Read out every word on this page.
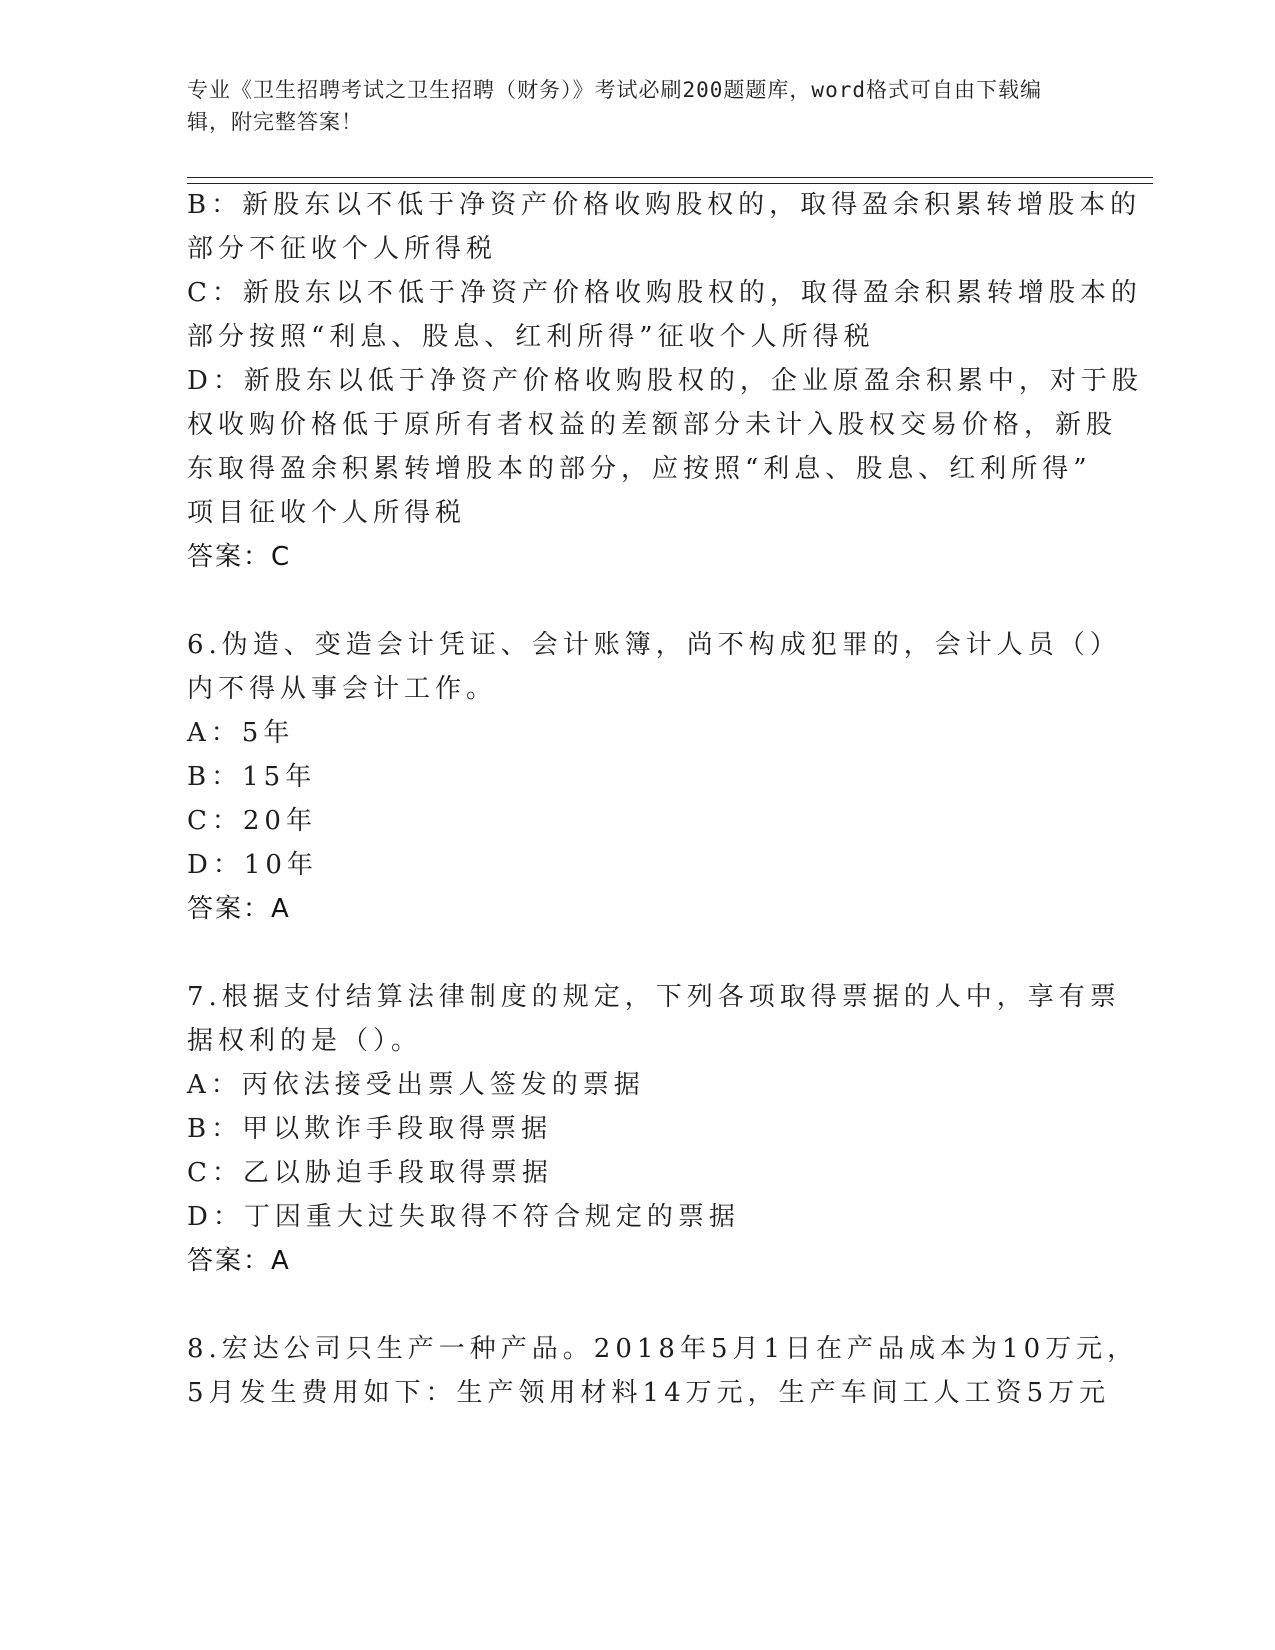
专业《卫生招聘考试之卫生招聘（财务）》考试必刷200题题库，word格式可自由下载编辑，附完整答案！
B：新股东以不低于净资产价格收购股权的，取得盈余积累转增股本的
部分不征收个人所得税
C：新股东以不低于净资产价格收购股权的，取得盈余积累转增股本的
部分按照“利息、股息、红利所得”征收个人所得税
D：新股东以低于净资产价格收购股权的，企业原盈余积累中，对于股
权收购价格低于原所有者权益的差额部分未计入股权交易价格，新股
东取得盈余积累转增股本的部分，应按照“利息、股息、红利所得”
项目征收个人所得税
答案：C
6.伪造、变造会计凭证、会计账簿，尚不构成犯罪的，会计人员（）
内不得从事会计工作。
A：5年
B：15年
C：20年
D：10年
答案：A
7.根据支付结算法律制度的规定，下列各项取得票据的人中，享有票
据权利的是（）。
A：丙依法接受出票人签发的票据
B：甲以欺诈手段取得票据
C：乙以胁迫手段取得票据
D：丁因重大过失取得不符合规定的票据
答案：A
8.宏达公司只生产一种产品。2018年5月1日在产品成本为10万元，
5月发生费用如下：生产领用材料14万元，生产车间工人工资5万元
